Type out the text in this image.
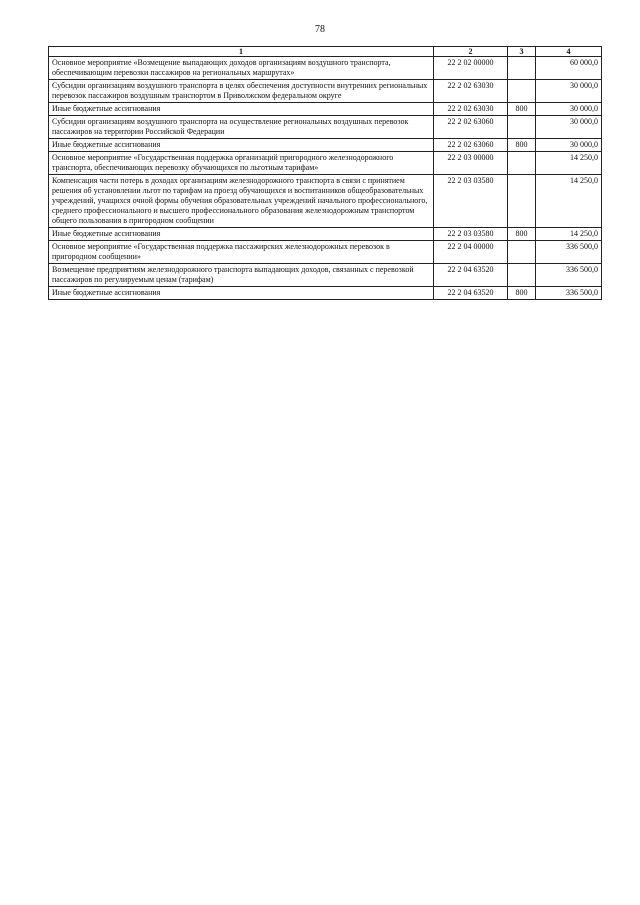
78
1	2	3	4
Основное мероприятие «Возмещение выпадающих доходов организациям воздушного транспорта, обеспечивающим перевозки пассажиров на региональных маршрутах»	22 2 02 00000		60 000,0
Субсидии организациям воздушного транспорта в целях обеспечения доступности внутренних региональных перевозок пассажиров воздушным транспортом в Приволжском федеральном округе	22 2 02 63030		30 000,0
Иные бюджетные ассигнования	22 2 02 63030	800	30 000,0
Субсидии организациям воздушного транспорта на осуществление региональных воздушных перевозок пассажиров на территории Российской Федерации	22 2 02 63060		30 000,0
Иные бюджетные ассигнования	22 2 02 63060	800	30 000,0
Основное мероприятие «Государственная поддержка организаций пригородного железнодорожного транспорта, обеспечивающих перевозку обучающихся по льготным тарифам»	22 2 03 00000		14 250,0
Компенсация части потерь в доходах организациям железнодорожного транспорта в связи с принятием решения об установлении льгот по тарифам на проезд обучающихся и воспитанников общеобразовательных учреждений, учащихся очной формы обучения образовательных учреждений начального профессионального, среднего профессионального и высшего профессионального образования железнодорожным транспортом общего пользования в пригородном сообщении	22 2 03 03580		14 250,0
Иные бюджетные ассигнования	22 2 03 03580	800	14 250,0
Основное мероприятие «Государственная поддержка пассажирских железнодорожных перевозок в пригородном сообщении»	22 2 04 00000		336 500,0
Возмещение предприятиям железнодорожного транспорта выпадающих доходов, связанных с перевозкой пассажиров по регулируемым ценам (тарифам)	22 2 04 63520		336 500,0
Иные бюджетные ассигнования	22 2 04 63520	800	336 500,0
